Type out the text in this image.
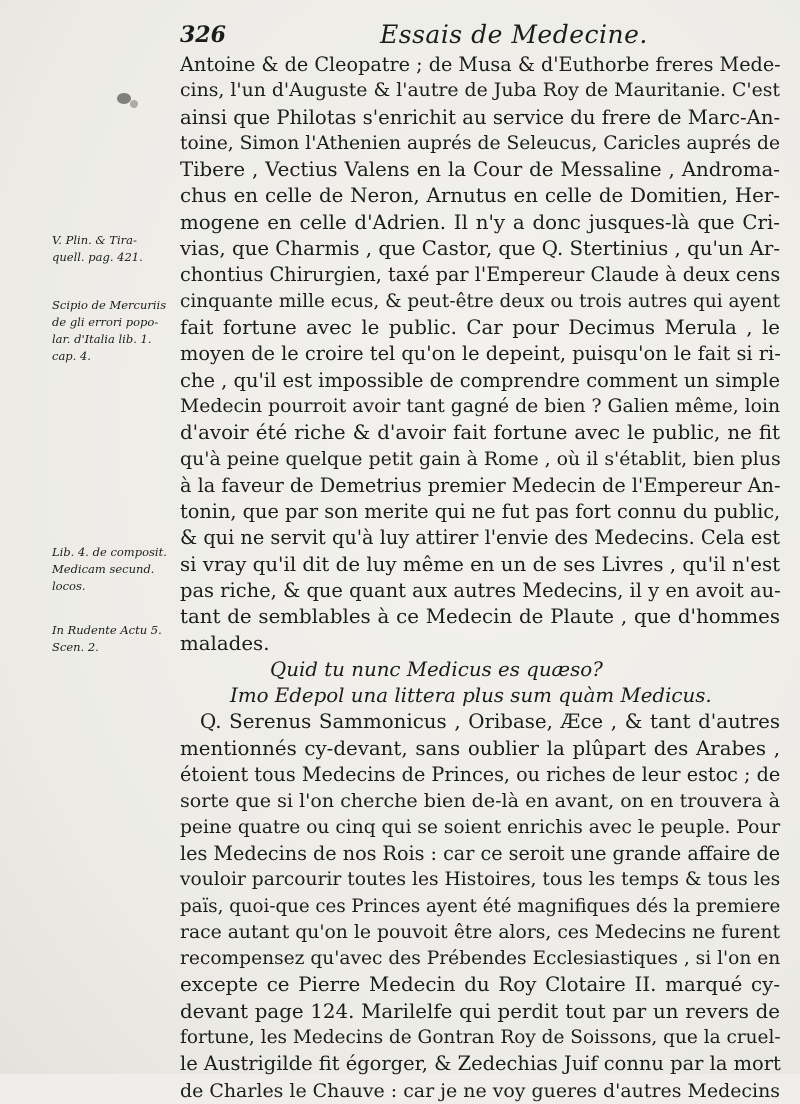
326	Essais de Medecine.
V. Plin. & Tira-
quell. pag. 421.
Scipio de Mercuriis
de gli errori popo-
lar. d'Italia lib. 1.
cap. 4.
Lib. 4. de composit.
Medicam secund.
locos.
In Rudente Actu 5.
Scen. 2.
Antoine & de Cleopatre ; de Musa & d'Euthorbe freres Mede-
cins, l'un d'Auguste & l'autre de Juba Roy de Mauritanie. C'est
ainsi que Philotas s'enrichit au service du frere de Marc-An-
toine, Simon l'Athenien auprés de Seleucus, Caricles auprés de
Tibere , Vectius Valens en la Cour de Messaline , Androma-
chus en celle de Neron, Arnutus en celle de Domitien, Her-
mogene en celle d'Adrien. Il n'y a donc jusques-là que Cri-
vias, que Charmis , que Castor, que Q. Stertinius , qu'un Ar-
chontius Chirurgien, taxé par l'Empereur Claude à deux cens
cinquante mille ecus, & peut-être deux ou trois autres qui ayent
fait fortune avec le public. Car pour Decimus Merula , le
moyen de le croire tel qu'on le depeint, puisqu'on le fait si ri-
che , qu'il est impossible de comprendre comment un simple
Medecin pourroit avoir tant gagné de bien ? Galien même, loin
d'avoir été riche & d'avoir fait fortune avec le public, ne fit
qu'à peine quelque petit gain à Rome , où il s'établit, bien plus
à la faveur de Demetrius premier Medecin de l'Empereur An-
tonin, que par son merite qui ne fut pas fort connu du public,
& qui ne servit qu'à luy attirer l'envie des Medecins. Cela est
si vray qu'il dit de luy même en un de ses Livres , qu'il n'est
pas riche, & que quant aux autres Medecins, il y en avoit au-
tant de semblables à ce Medecin de Plaute , que d'hommes
malades.
Quid tu nunc Medicus es quæso?
Imo Edepol una littera plus sum quàm Medicus.
Q. Serenus Sammonicus , Oribase, Æce , & tant d'autres
mentionnés cy-devant, sans oublier la plûpart des Arabes ,
étoient tous Medecins de Princes, ou riches de leur estoc ; de
sorte que si l'on cherche bien de-là en avant, on en trouvera à
peine quatre ou cinq qui se soient enrichis avec le peuple. Pour
les Medecins de nos Rois : car ce seroit une grande affaire de
vouloir parcourir toutes les Histoires, tous les temps & tous les
païs, quoi-que ces Princes ayent été magnifiques dés la premiere
race autant qu'on le pouvoit être alors, ces Medecins ne furent
recompensez qu'avec des Prébendes Ecclesiastiques , si l'on en
excepte ce Pierre Medecin du Roy Clotaire II. marqué cy-
devant page 124. Marilelfe qui perdit tout par un revers de
fortune, les Medecins de Gontran Roy de Soissons, que la cruel-
le Austrigilde fit égorger, & Zedechias Juif connu par la mort
de Charles le Chauve : car je ne voy gueres d'autres Medecins
